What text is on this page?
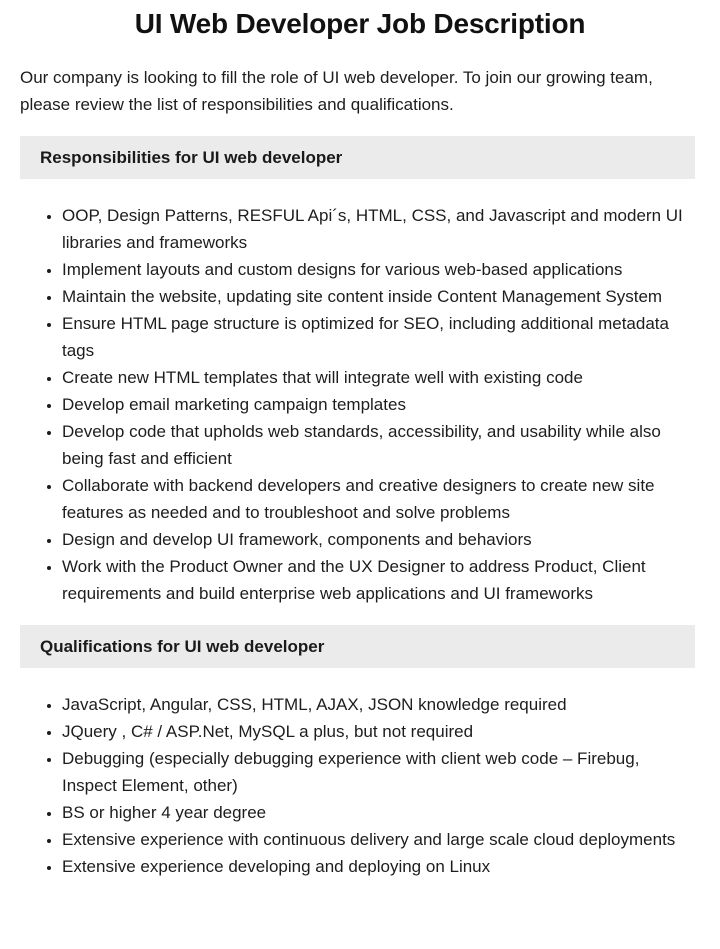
UI Web Developer Job Description

Our company is looking to fill the role of UI web developer. To join our growing team, please review the list of responsibilities and qualifications.

Responsibilities for UI web developer
• OOP, Design Patterns, RESFUL Api´s, HTML, CSS, and Javascript and modern UI libraries and frameworks
• Implement layouts and custom designs for various web-based applications
• Maintain the website, updating site content inside Content Management System
• Ensure HTML page structure is optimized for SEO, including additional metadata tags
• Create new HTML templates that will integrate well with existing code
• Develop email marketing campaign templates
• Develop code that upholds web standards, accessibility, and usability while also being fast and efficient
• Collaborate with backend developers and creative designers to create new site features as needed and to troubleshoot and solve problems
• Design and develop UI framework, components and behaviors
• Work with the Product Owner and the UX Designer to address Product, Client requirements and build enterprise web applications and UI frameworks
Qualifications for UI web developer
• JavaScript, Angular, CSS, HTML, AJAX, JSON knowledge required
• JQuery , C# / ASP.Net, MySQL a plus, but not required
• Debugging (especially debugging experience with client web code – Firebug, Inspect Element, other)
• BS or higher 4 year degree
• Extensive experience with continuous delivery and large scale cloud deployments
• Extensive experience developing and deploying on Linux
